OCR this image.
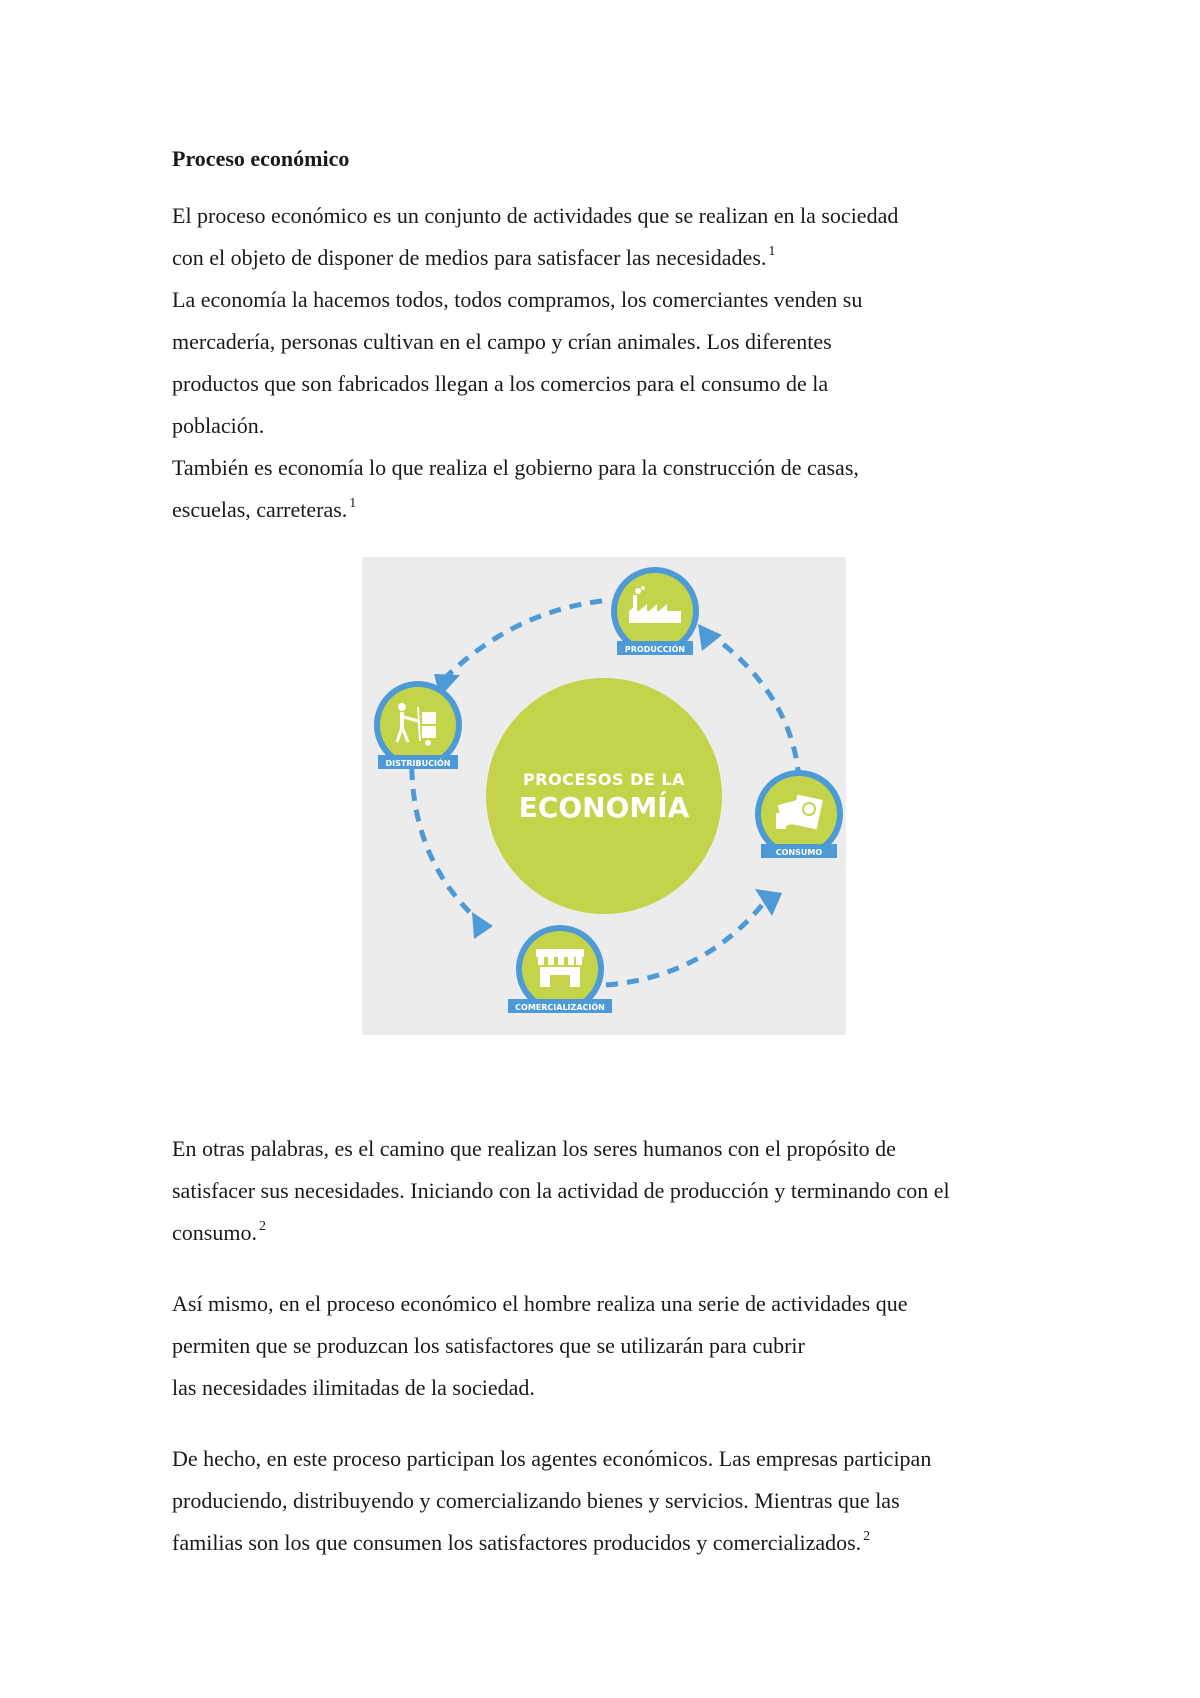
Proceso económico

El proceso económico es un conjunto de actividades que se realizan en la sociedad
con el objeto de disponer de medios para satisfacer las necesidades. $^1$
La economía la hacemos todos, todos compramos, los comerciantes venden su
mercadería, personas cultivan en el campo y crían animales. Los diferentes
productos que son fabricados llegan a los comercios para el consumo de la
población.
También es economía lo que realiza el gobierno para la construcción de casas,
escuelas, carreteras. $^1$

PROCESOS DE LA
ECONOMÍA
PRODUCCIÓN
DISTRIBUCIÓN
CONSUMO
COMERCIALIZACIÓN

En otras palabras, es el camino que realizan los seres humanos con el propósito de
satisfacer sus necesidades. Iniciando con la actividad de producción y terminando con el
consumo. $^2$

Así mismo, en el proceso económico el hombre realiza una serie de actividades que
permiten que se produzcan los satisfactores que se utilizarán para cubrir
las necesidades ilimitadas de la sociedad.

De hecho, en este proceso participan los agentes económicos. Las empresas participan
produciendo, distribuyendo y comercializando bienes y servicios. Mientras que las
familias son los que consumen los satisfactores producidos y comercializados. $^2$
